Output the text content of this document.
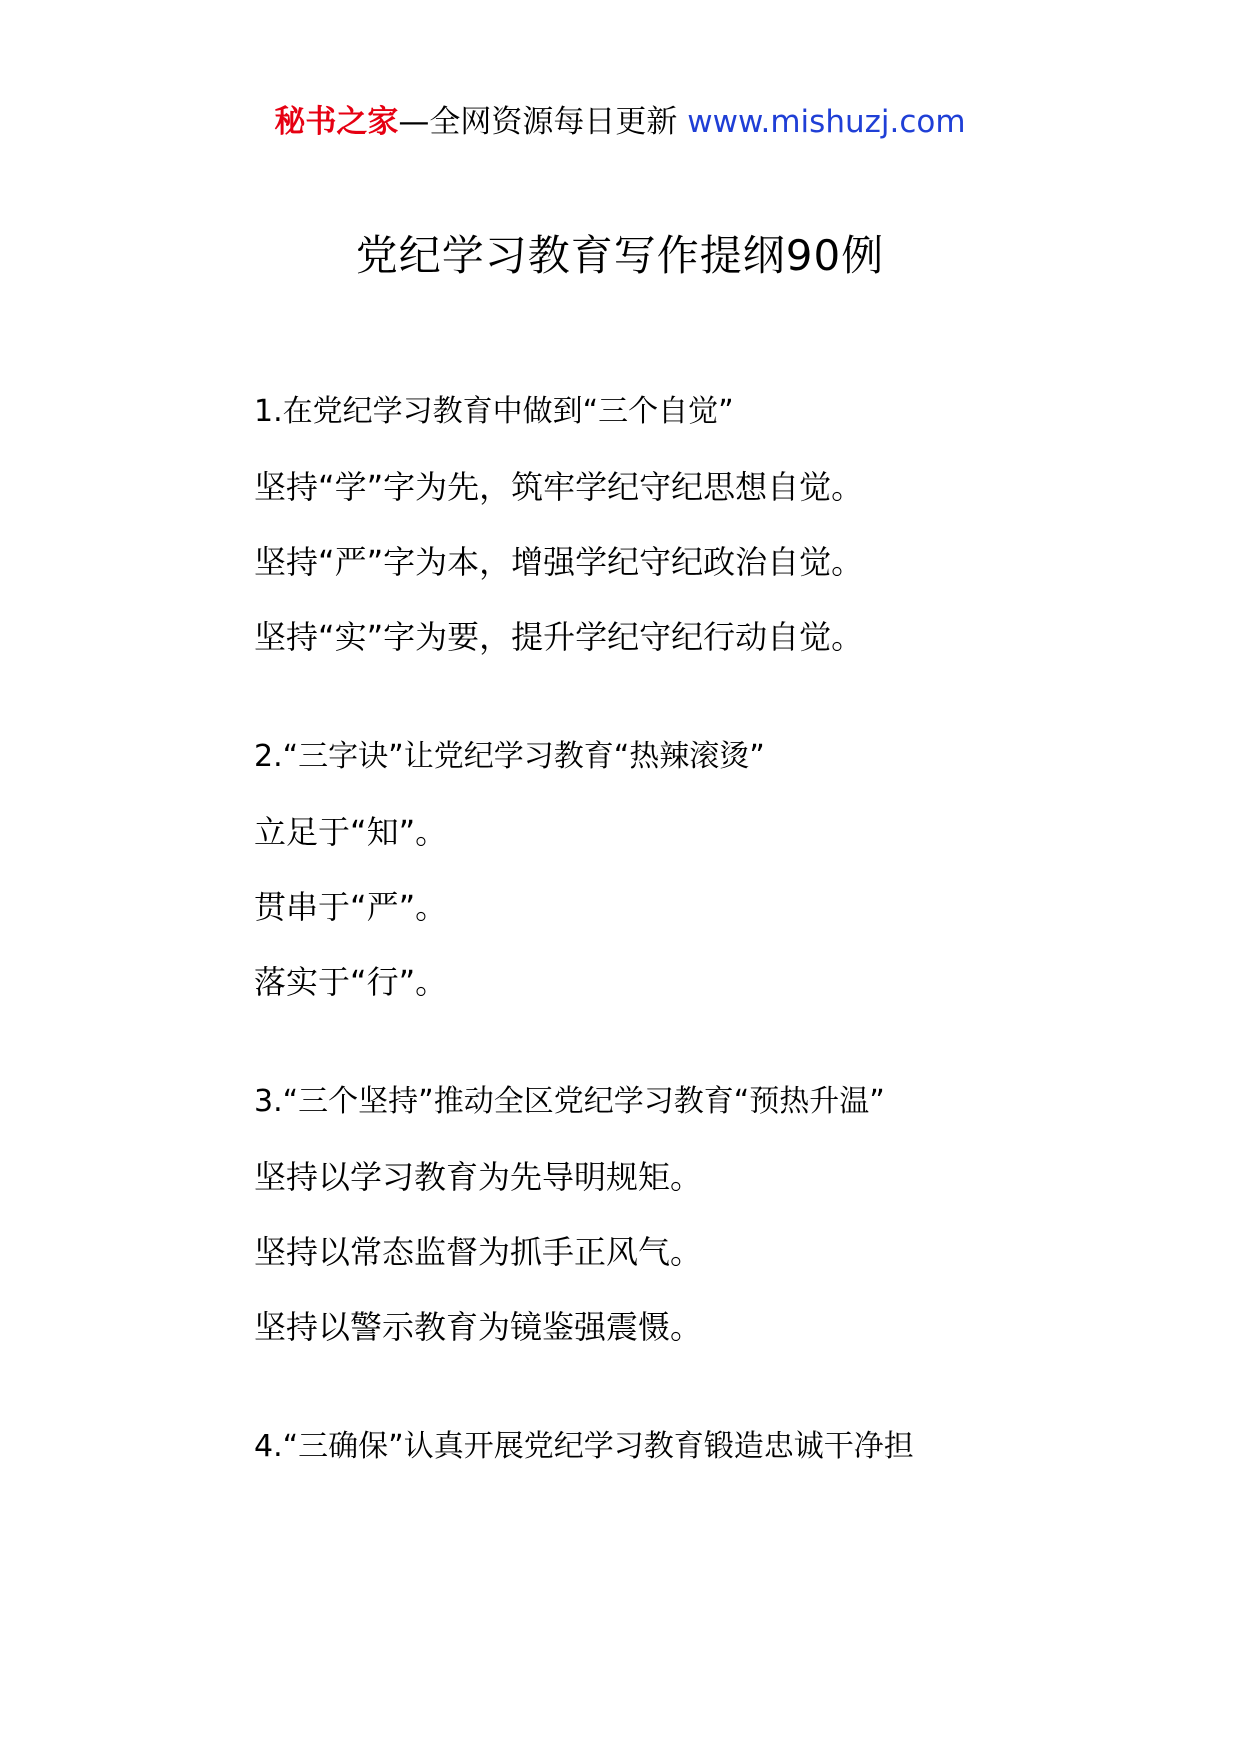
秘书之家—全网资源每日更新 www.mishuzj.com
党纪学习教育写作提纲90例
1.在党纪学习教育中做到“三个自觉”
坚持“学”字为先，筑牢学纪守纪思想自觉。
坚持“严”字为本，增强学纪守纪政治自觉。
坚持“实”字为要，提升学纪守纪行动自觉。
2.“三字诀”让党纪学习教育“热辣滚烫”
立足于“知”。
贯串于“严”。
落实于“行”。
3.“三个坚持”推动全区党纪学习教育“预热升温”
坚持以学习教育为先导明规矩。
坚持以常态监督为抓手正风气。
坚持以警示教育为镜鉴强震慑。
4.“三确保”认真开展党纪学习教育锻造忠诚干净担
